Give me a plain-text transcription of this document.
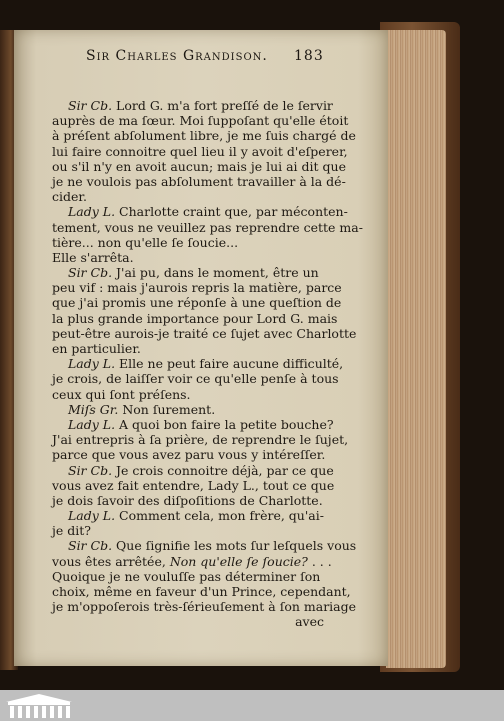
Sir Charles Grandison. 183
Sir Cb. Lord G. m'a fort preſſé de le ſervir
auprès de ma ſœur. Moi ſuppoſant qu'elle étoit
à préſent abſolument libre, je me ſuis chargé de
lui faire connoitre quel lieu il y avoit d'eſperer,
ou s'il n'y en avoit aucun; mais je lui ai dit que
je ne voulois pas abſolument travailler à la dé-
cider.
Lady L. Charlotte craint que, par méconten-
tement, vous ne veuillez pas reprendre cette ma-
tière... non qu'elle ſe ſoucie...
Elle s'arrêta.
Sir Cb. J'ai pu, dans le moment, être un
peu vif : mais j'aurois repris la matière, parce
que j'ai promis une réponſe à une queſtion de
la plus grande importance pour Lord G. mais
peut-être aurois-je traité ce ſujet avec Charlotte
en particulier.
Lady L. Elle ne peut faire aucune difficulté,
je crois, de laiſſer voir ce qu'elle penſe à tous
ceux qui ſont préſens.
Miſs Gr. Non ſurement.
Lady L. A quoi bon faire la petite bouche?
J'ai entrepris à ſa prière, de reprendre le ſujet,
parce que vous avez paru vous y intéreſſer.
Sir Cb. Je crois connoitre déjà, par ce que
vous avez fait entendre, Lady L., tout ce que
je dois ſavoir des diſpoſitions de Charlotte.
Lady L. Comment cela, mon frère, qu'ai-
je dit?
Sir Cb. Que ſignifie les mots ſur leſquels vous
vous êtes arrêtée, Non qu'elle ſe ſoucie? . . .
Quoique je ne vouluſſe pas déterminer ſon
choix, même en faveur d'un Prince, cependant,
je m'oppoſerois très-ſérieuſement à ſon mariage
avec
